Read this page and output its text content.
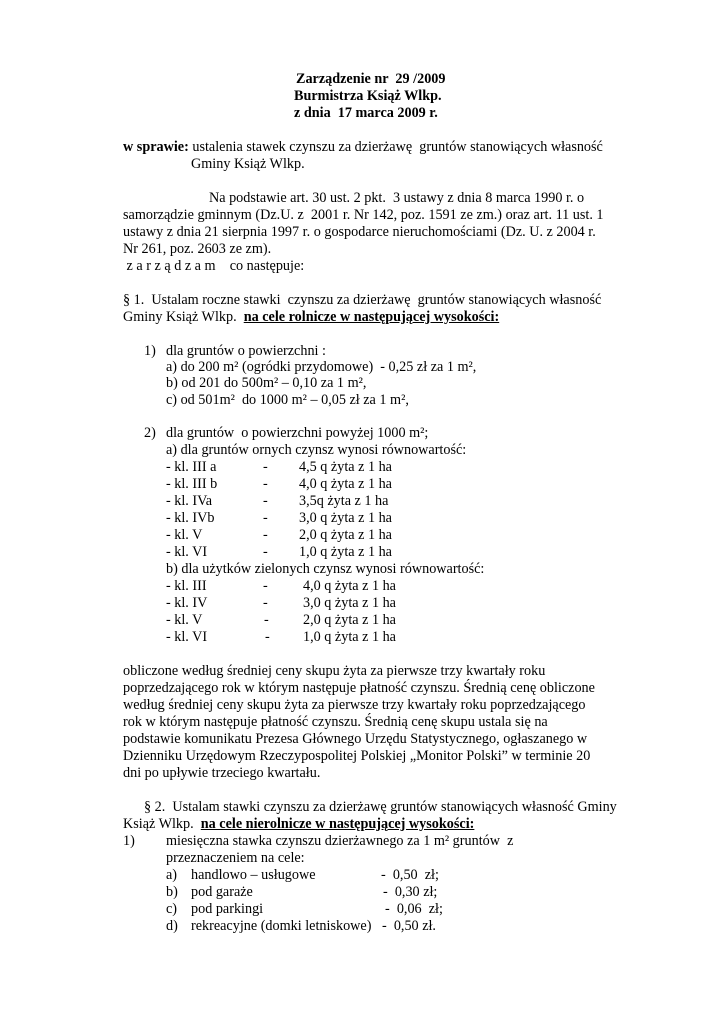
Zarządzenie nr  29 /2009
Burmistrza Książ Wlkp.
z dnia  17 marca 2009 r.
w sprawie: ustalenia stawek czynszu za dzierżawę  gruntów stanowiących własność
Gminy Książ Wlkp.
Na podstawie art. 30 ust. 2 pkt.  3 ustawy z dnia 8 marca 1990 r. o
samorządzie gminnym (Dz.U. z  2001 r. Nr 142, poz. 1591 ze zm.) oraz art. 11 ust. 1
ustawy z dnia 21 sierpnia 1997 r. o gospodarce nieruchomościami (Dz. U. z 2004 r.
Nr 261, poz. 2603 ze zm).
z a r z ą d z a m    co następuje:
§ 1.  Ustalam roczne stawki  czynszu za dzierżawę  gruntów stanowiących własność
Gminy Książ Wlkp.  na cele rolnicze w następującej wysokości:
1) dla gruntów o powierzchni :
a) do 200 m² (ogródki przydomowe)  - 0,25 zł za 1 m²,
b) od 201 do 500m² – 0,10 za 1 m²,
c) od 501m²  do 1000 m² – 0,05 zł za 1 m²,
2) dla gruntów  o powierzchni powyżej 1000 m²;
a) dla gruntów ornych czynsz wynosi równowartość:
- kl. III a	- 4,5 q żyta z 1 ha
- kl. III b	- 4,0 q żyta z 1 ha
- kl. IVa	- 3,5q żyta z 1 ha
- kl. IVb	- 3,0 q żyta z 1 ha
- kl. V	- 2,0 q żyta z 1 ha
- kl. VI	- 1,0 q żyta z 1 ha
b) dla użytków zielonych czynsz wynosi równowartość:
- kl. III	- 4,0 q żyta z 1 ha
- kl. IV	- 3,0 q żyta z 1 ha
- kl. V	- 2,0 q żyta z 1 ha
- kl. VI	- 1,0 q żyta z 1 ha
obliczone według średniej ceny skupu żyta za pierwsze trzy kwartały roku
poprzedzającego rok w którym następuje płatność czynszu. Średnią cenę obliczone
według średniej ceny skupu żyta za pierwsze trzy kwartały roku poprzedzającego
rok w którym następuje płatność czynszu. Średnią cenę skupu ustala się na
podstawie komunikatu Prezesa Głównego Urzędu Statystycznego, ogłaszanego w
Dzienniku Urzędowym Rzeczypospolitej Polskiej „Monitor Polski” w terminie 20
dni po upływie trzeciego kwartału.
§ 2.  Ustalam stawki czynszu za dzierżawę gruntów stanowiących własność Gminy
Książ Wlkp.  na cele nierolnicze w następującej wysokości:
1) miesięczna stawka czynszu dzierżawnego za 1 m² gruntów  z
przeznaczeniem na cele:
a) handlowo – usługowe	-  0,50  zł;
b) pod garaże	-  0,30 zł;
c) pod parkingi	-  0,06  zł;
d) rekreacyjne (domki letniskowe) -  0,50 zł.
